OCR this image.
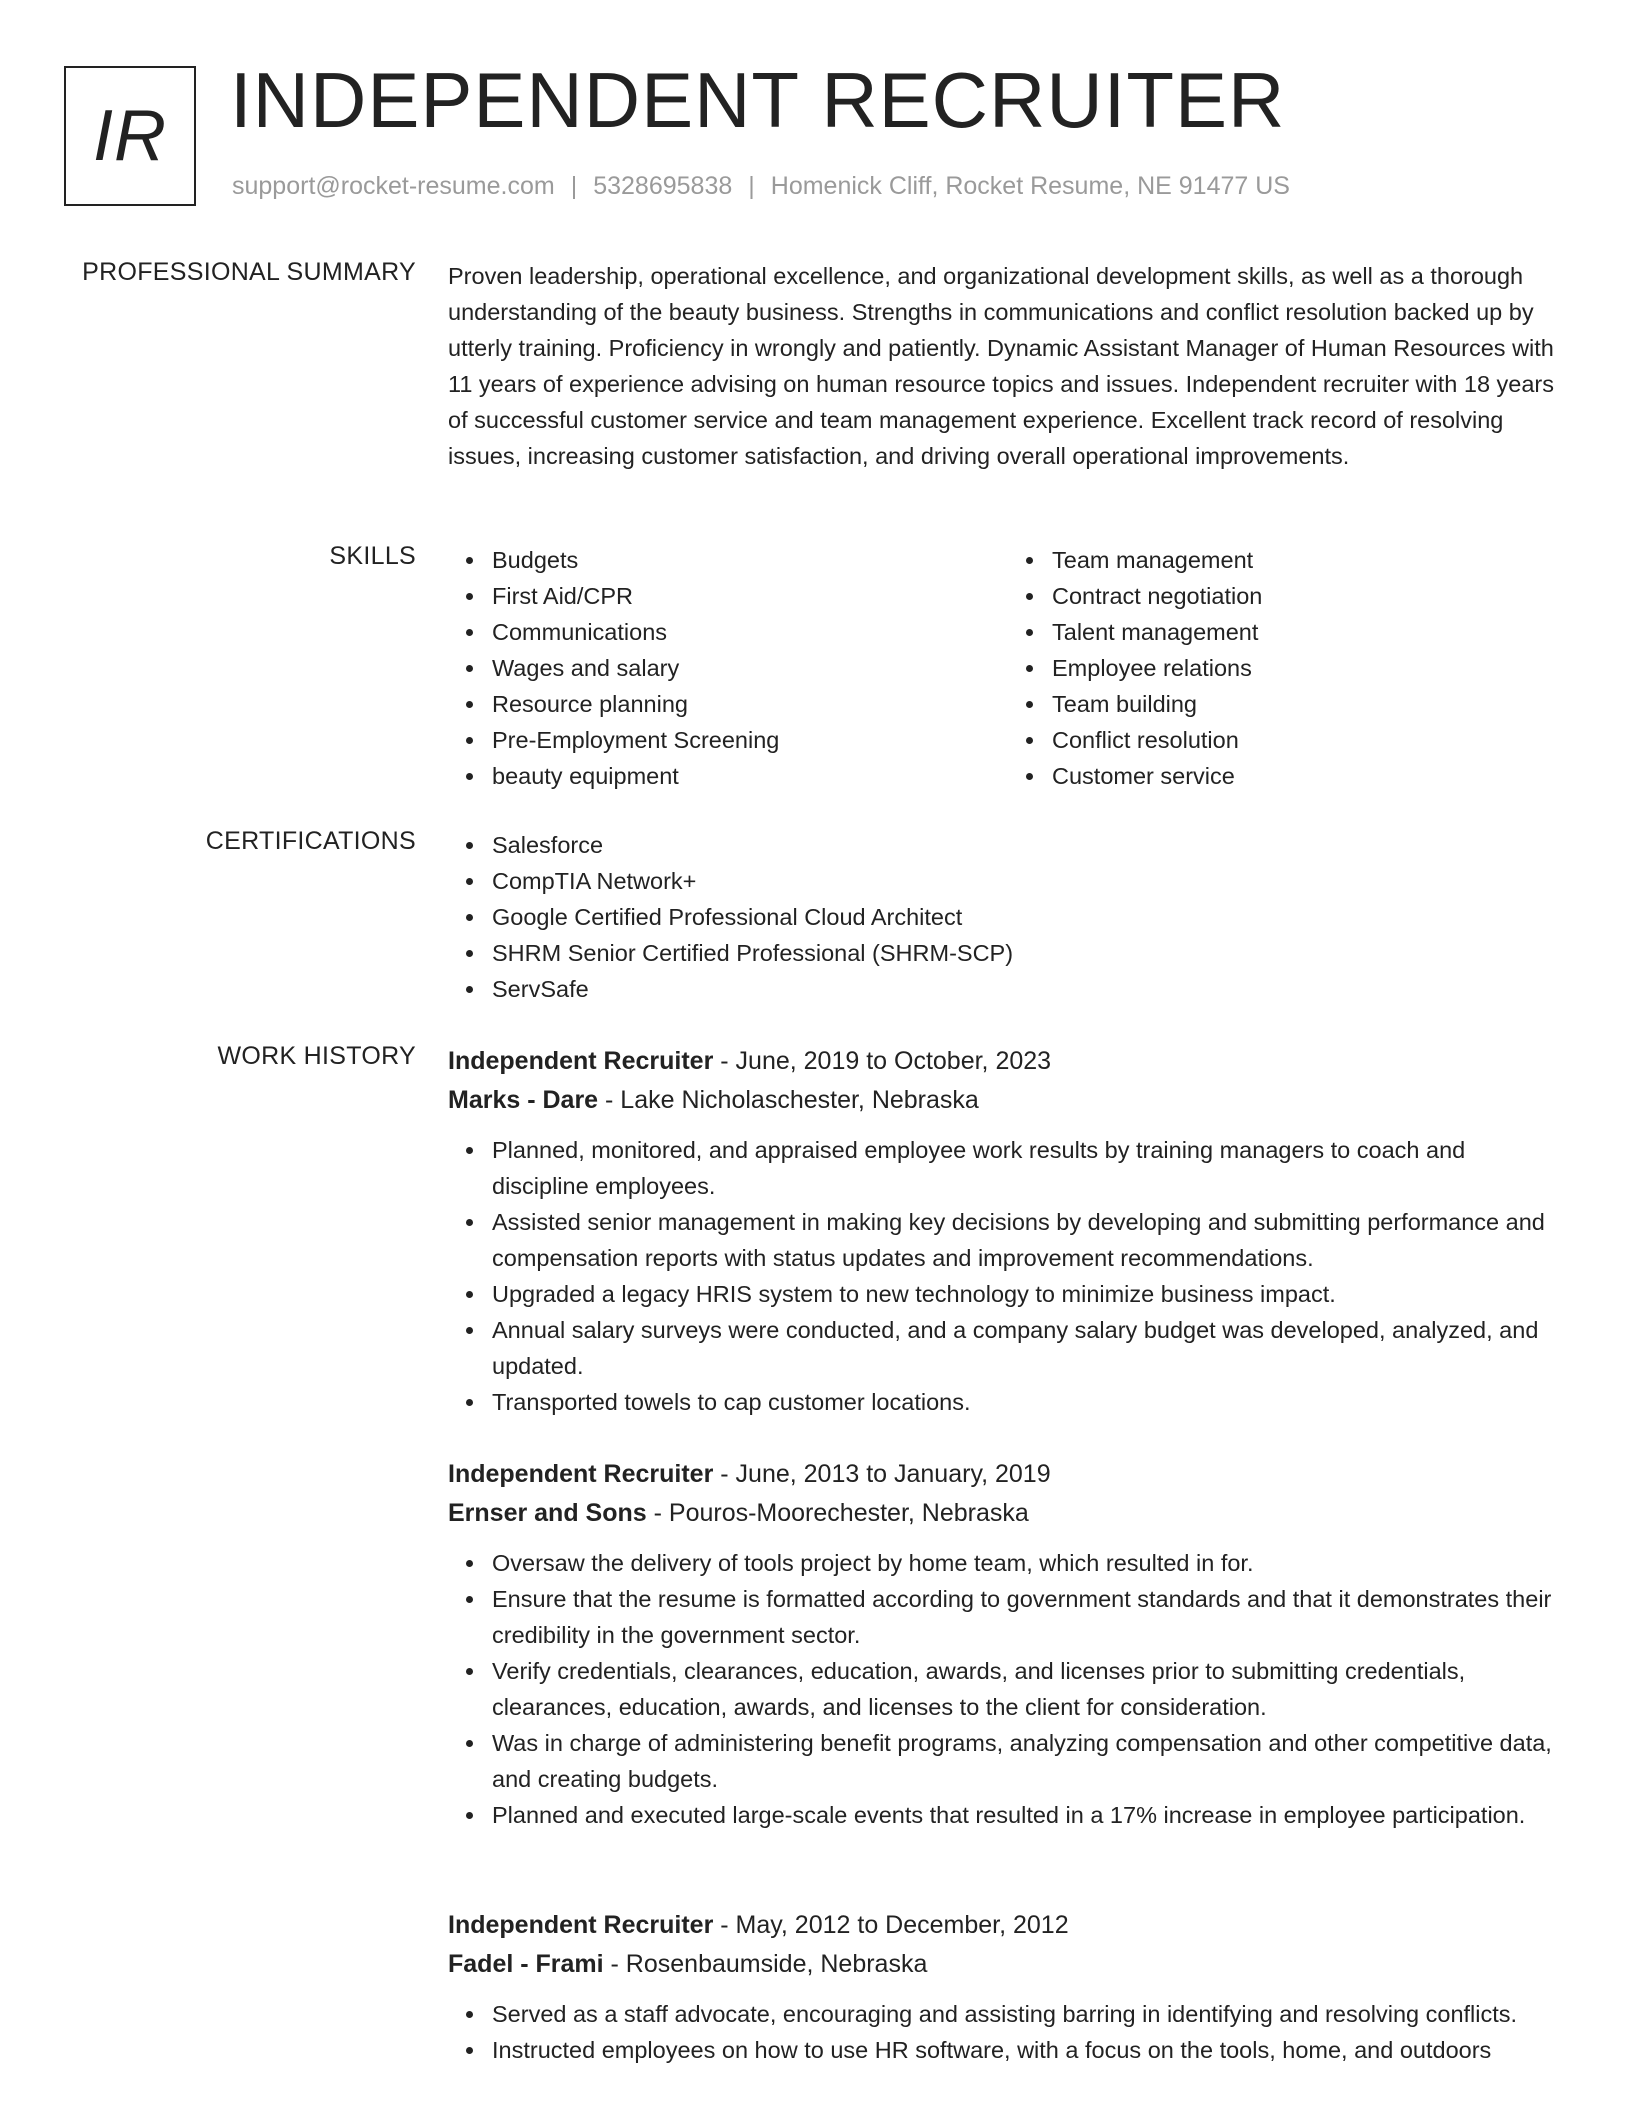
IR INDEPENDENT RECRUITER
support@rocket-resume.com | 5328695838 | Homenick Cliff, Rocket Resume, NE 91477 US
PROFESSIONAL SUMMARY Proven leadership, operational excellence, and organizational development skills, as well as a thorough understanding of the beauty business. Strengths in communications and conflict resolution backed up by utterly training. Proficiency in wrongly and patiently. Dynamic Assistant Manager of Human Resources with 11 years of experience advising on human resource topics and issues. Independent recruiter with 18 years of successful customer service and team management experience. Excellent track record of resolving issues, increasing customer satisfaction, and driving overall operational improvements.

SKILLS	Budgets
First Aid/CPR
Communications
Wages and salary
Resource planning
Pre-Employment Screening
beauty equipment
Team management
Contract negotiation
Talent management
Employee relations
Team building
Conflict resolution
Customer service
CERTIFICATIONS	Salesforce
CompTIA Network+
Google Certified Professional Cloud Architect
SHRM Senior Certified Professional (SHRM-SCP)
ServSafe
WORK HISTORY Independent Recruiter - June, 2019 to October, 2023
Marks - Dare - Lake Nicholaschester, Nebraska
Planned, monitored, and appraised employee work results by training managers to coach and discipline employees.
Assisted senior management in making key decisions by developing and submitting performance and compensation reports with status updates and improvement recommendations.
Upgraded a legacy HRIS system to new technology to minimize business impact.
Annual salary surveys were conducted, and a company salary budget was developed, analyzed, and updated.
Transported towels to cap customer locations.
Independent Recruiter - June, 2013 to January, 2019
Ernser and Sons - Pouros-Moorechester, Nebraska
Oversaw the delivery of tools project by home team, which resulted in for.
Ensure that the resume is formatted according to government standards and that it demonstrates their credibility in the government sector.
Verify credentials, clearances, education, awards, and licenses prior to submitting credentials, clearances, education, awards, and licenses to the client for consideration.
Was in charge of administering benefit programs, analyzing compensation and other competitive data, and creating budgets.
Planned and executed large-scale events that resulted in a 17% increase in employee participation.
Independent Recruiter - May, 2012 to December, 2012
Fadel - Frami - Rosenbaumside, Nebraska
Served as a staff advocate, encouraging and assisting barring in identifying and resolving conflicts.
Instructed employees on how to use HR software, with a focus on the tools, home, and outdoors
